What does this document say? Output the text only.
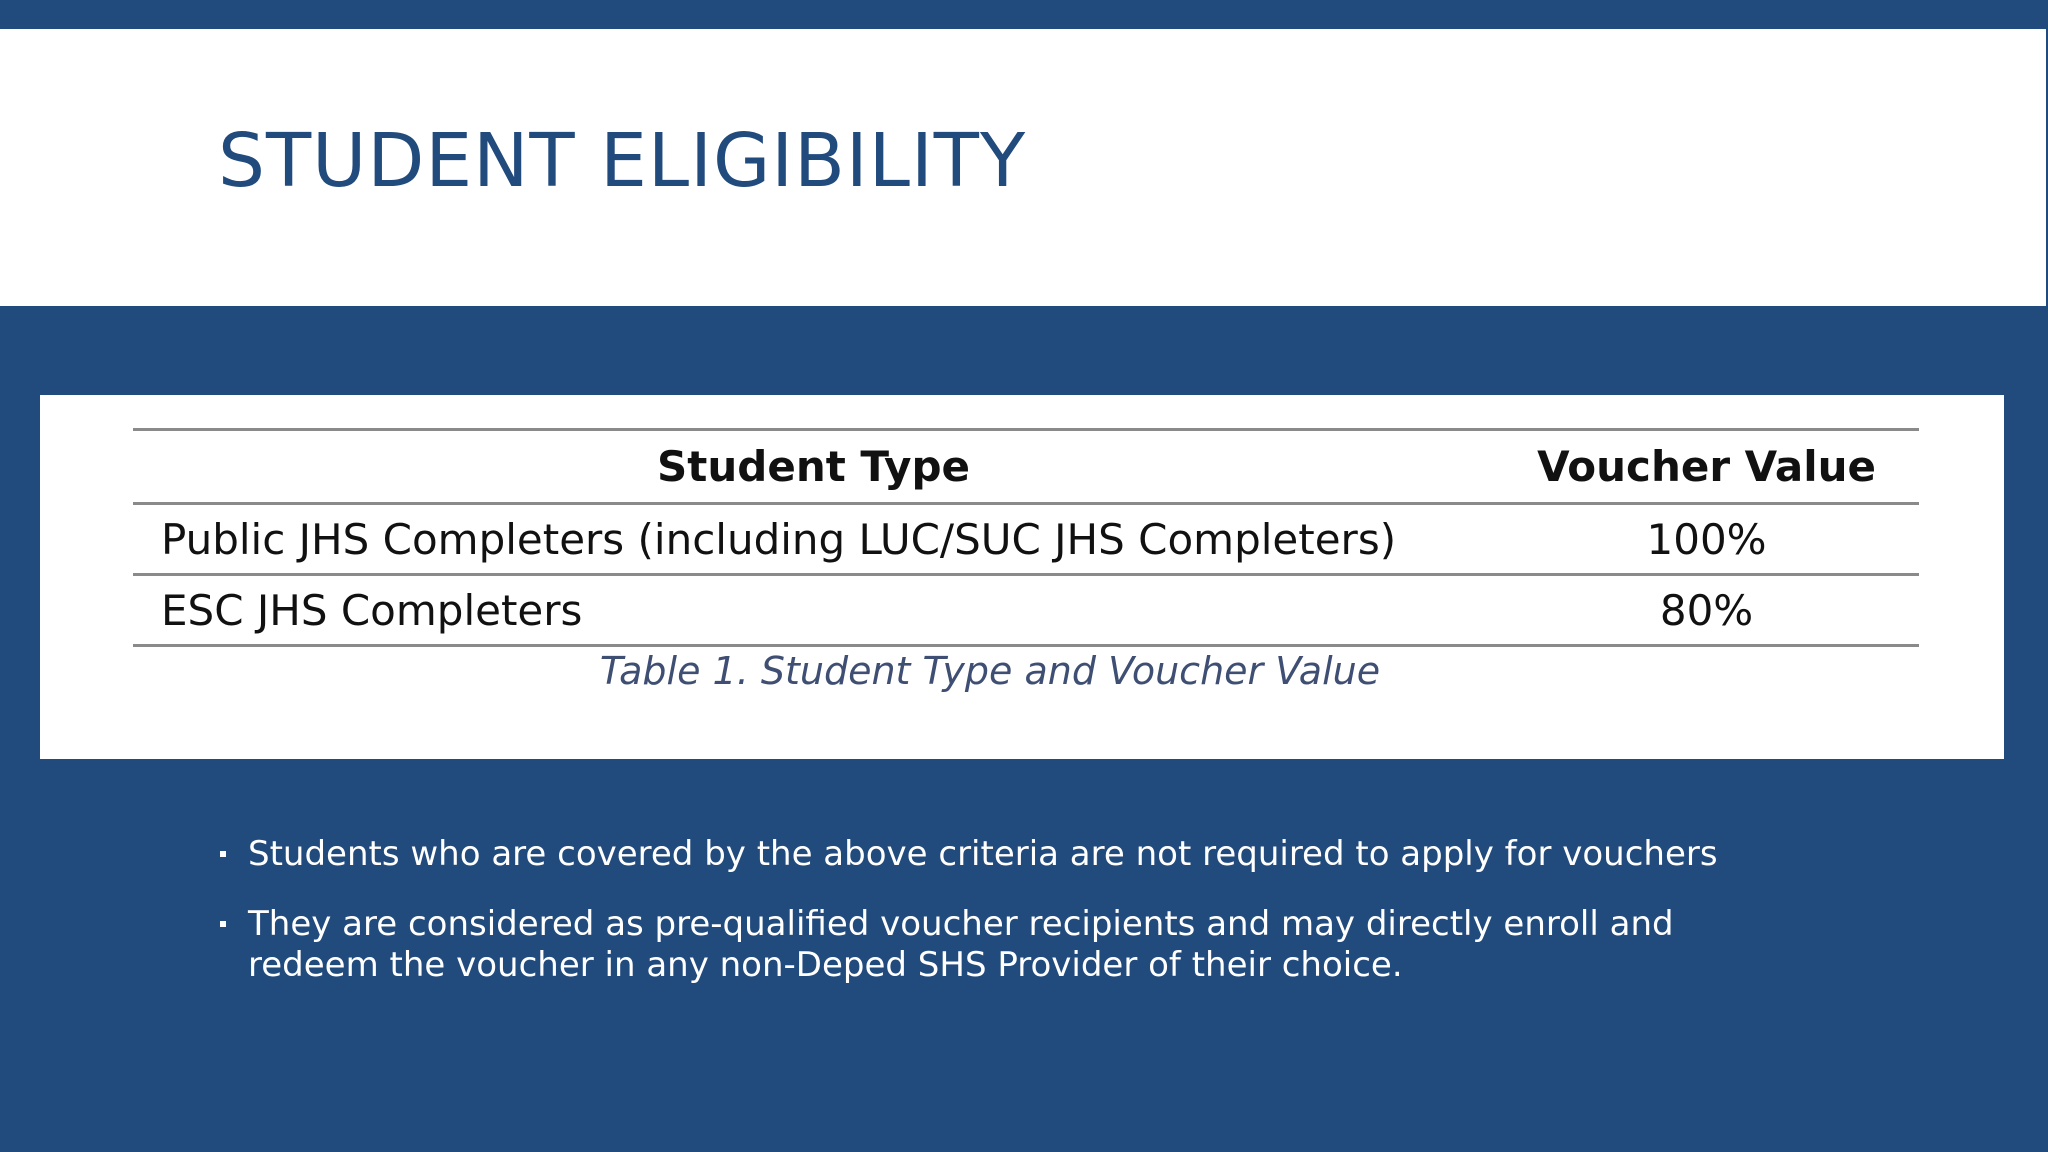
STUDENT ELIGIBILITY
Student Type	Voucher Value
Public JHS Completers (including LUC/SUC JHS Completers)	100%
ESC JHS Completers	80%
Table 1. Student Type and Voucher Value
Students who are covered by the above criteria are not required to apply for vouchers
They are considered as pre-qualified voucher recipients and may directly enroll and redeem the voucher in any non-Deped SHS Provider of their choice.
